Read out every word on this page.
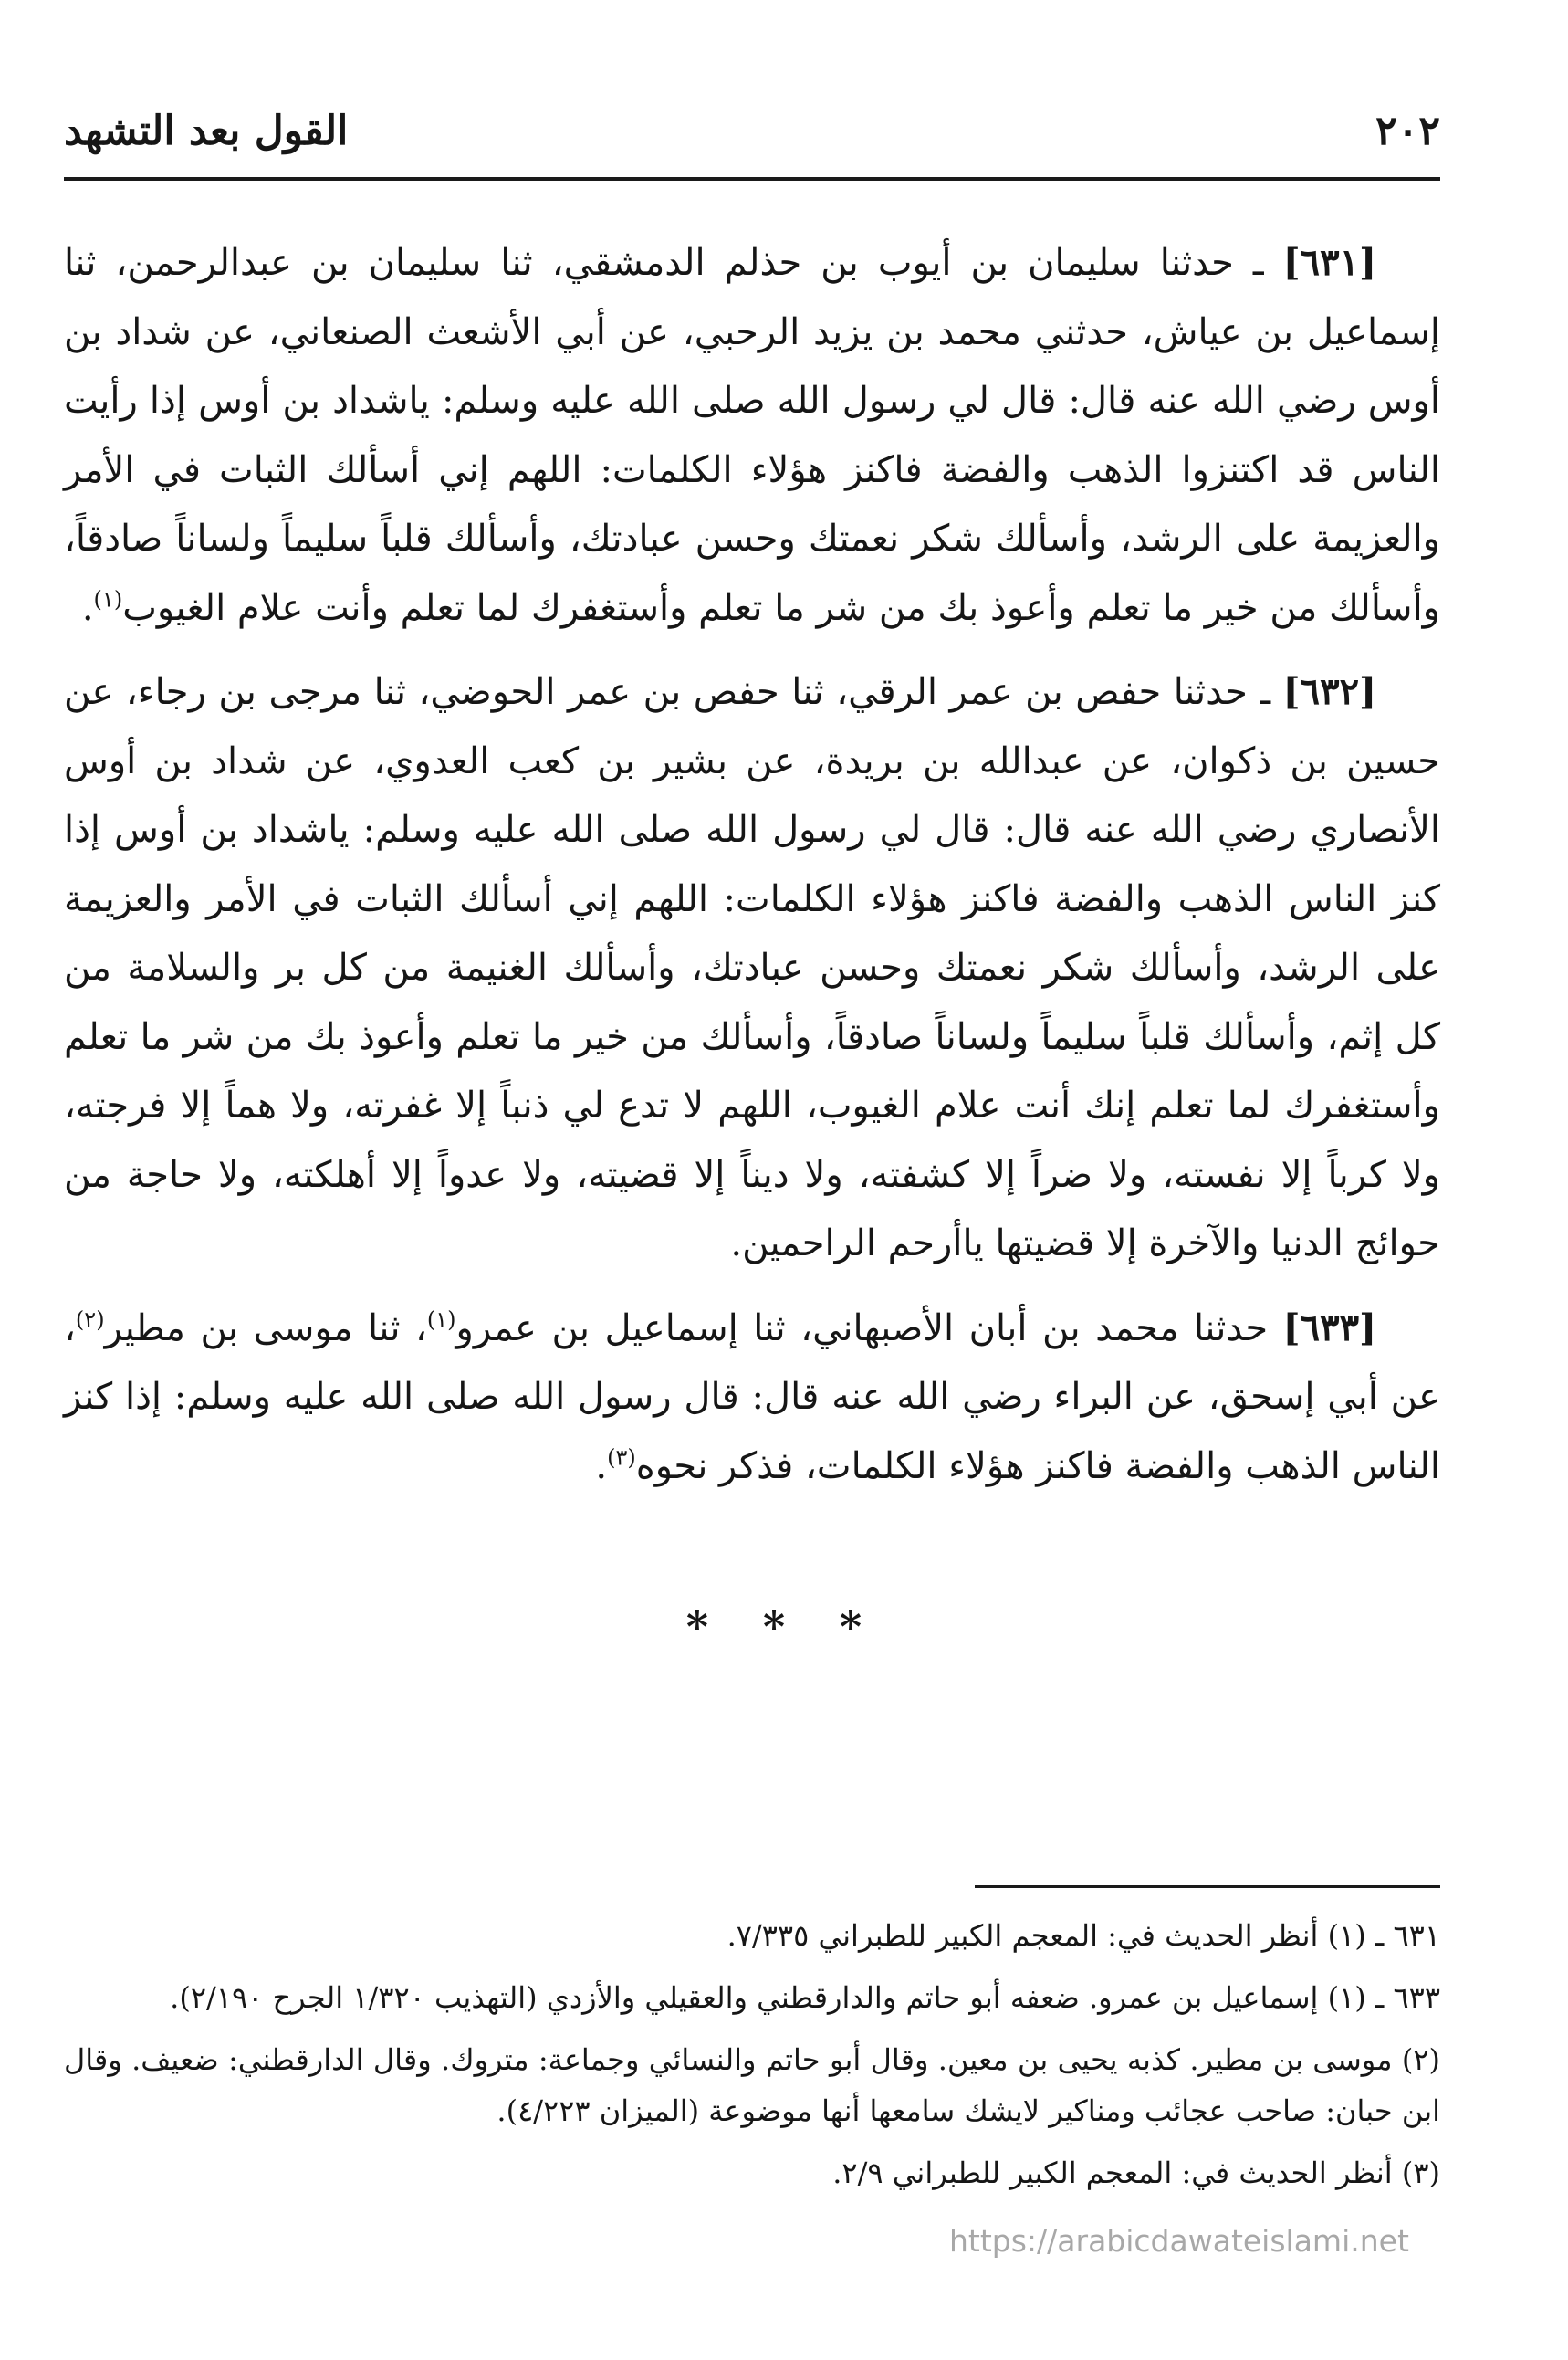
٢٠٢
القول بعد التشهد

[٦٣١] ـ حدثنا سليمان بن أيوب بن حذلم الدمشقي، ثنا سليمان بن عبدالرحمن، ثنا إسماعيل بن عياش، حدثني محمد بن يزيد الرحبي، عن أبي الأشعث الصنعاني، عن شداد بن أوس رضي الله عنه قال: قال لي رسول الله صلى الله عليه وسلم: ياشداد بن أوس إذا رأيت الناس قد اكتنزوا الذهب والفضة فاكنز هؤلاء الكلمات: اللهم إني أسألك الثبات في الأمر والعزيمة على الرشد، وأسألك شكر نعمتك وحسن عبادتك، وأسألك قلباً سليماً ولساناً صادقاً، وأسألك من خير ما تعلم وأعوذ بك من شر ما تعلم وأستغفرك لما تعلم وأنت علام الغيوب$^{(١)}$.

[٦٣٢] ـ حدثنا حفص بن عمر الرقي، ثنا حفص بن عمر الحوضي، ثنا مرجى بن رجاء، عن حسين بن ذكوان، عن عبدالله بن بريدة، عن بشير بن كعب العدوي، عن شداد بن أوس الأنصاري رضي الله عنه قال: قال لي رسول الله صلى الله عليه وسلم: ياشداد بن أوس إذا كنز الناس الذهب والفضة فاكنز هؤلاء الكلمات: اللهم إني أسألك الثبات في الأمر والعزيمة على الرشد، وأسألك شكر نعمتك وحسن عبادتك، وأسألك الغنيمة من كل بر والسلامة من كل إثم، وأسألك قلباً سليماً ولساناً صادقاً، وأسألك من خير ما تعلم وأعوذ بك من شر ما تعلم وأستغفرك لما تعلم إنك أنت علام الغيوب، اللهم لا تدع لي ذنباً إلا غفرته، ولا هماً إلا فرجته، ولا كرباً إلا نفسته، ولا ضراً إلا كشفته، ولا ديناً إلا قضيته، ولا عدواً إلا أهلكته، ولا حاجة من حوائج الدنيا والآخرة إلا قضيتها ياأرحم الراحمين.

[٦٣٣] حدثنا محمد بن أبان الأصبهاني، ثنا إسماعيل بن عمرو$^{(١)}$، ثنا موسى بن مطير$^{(٢)}$، عن أبي إسحق، عن البراء رضي الله عنه قال: قال رسول الله صلى الله عليه وسلم: إذا كنز الناس الذهب والفضة فاكنز هؤلاء الكلمات، فذكر نحوه$^{(٣)}$.

* * *

٦٣١ ـ (١) أنظر الحديث في: المعجم الكبير للطبراني ٧/٣٣٥.

٦٣٣ ـ (١) إسماعيل بن عمرو. ضعفه أبو حاتم والدارقطني والعقيلي والأزدي (التهذيب ١/٣٢٠ الجرح ٢/١٩٠).

(٢) موسى بن مطير. كذبه يحيى بن معين. وقال أبو حاتم والنسائي وجماعة: متروك. وقال الدارقطني: ضعيف. وقال ابن حبان: صاحب عجائب ومناكير لايشك سامعها أنها موضوعة (الميزان ٤/٢٢٣).

(٣) أنظر الحديث في: المعجم الكبير للطبراني ٢/٩.

https://arabicdawateislami.net
